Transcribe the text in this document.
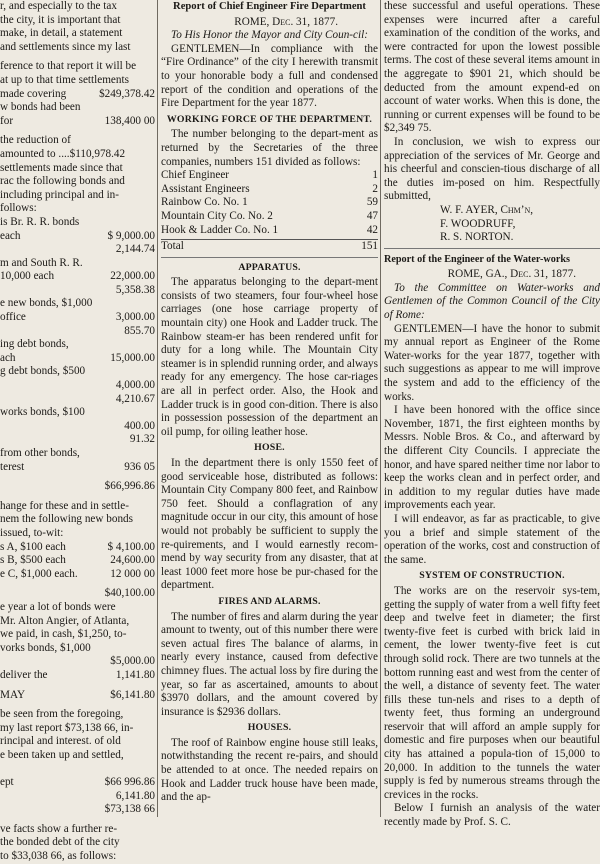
r, and especially to the tax
the city, it is important that
make, in detail, a statement
and settlements since my last
ference to that report it will be
at up to that time settlements
made covering	$249,378.42
w bonds had been
for	138,400 00
the reduction of
amounted to ....$110,978.42
settlements made since that
rac the following bonds and
including principal and in-
follows:
is Br. R. R. bonds
each	$ 9,000.00
2,144.74
m and South R. R.
10,000 each	22,000.00
5,358.38
e new bonds, $1,000
office	3,000.00
855.70
ing debt bonds,
ach	15,000.00
g debt bonds, $500
4,000.00
4,210.67
works bonds, $100
400.00
91.32
from other bonds,
terest	936 05
$66,996.86
hange for these and in settle-
nem the following new bonds
issued, to-wit:
s A, $100 each	$ 4,100.00
s B, $500 each	24,600.00
e C, $1,000 each.	12 000 00
$40,100.00
e year a lot of bonds were
Mr. Alton Angier, of Atlanta,
we paid, in cash, $1,250, to-
vorks bonds, $1,000
$5,000.00
deliver the	1,141.80
MAY	$6,141.80
be seen from the foregoing,
my last report $73,138 66, in-
rincipal and interest. of old
e been taken up and settled,
ept	$66 996.86
6,141.80
$73,138 66
ve facts show a further re-
the bonded debt of the city
to $33,038 66, as follows:
Report of Chief Engineer Fire Department
ROME, Dec. 31, 1877.
To His Honor the Mayor and City Coun-cil:

GENTLEMEN—In compliance with the “Fire Ordinance” of the city I herewith transmit to your honorable body a full and condensed report of the condition and operations of the Fire Department for the year 1877.

WORKING FORCE OF THE DEPARTMENT.

The number belonging to the depart-ment as returned by the Secretaries of the three companies, numbers 151 divided as follows:

Chief Engineer	1
Assistant Engineers	2
Rainbow Co. No. 1	59
Mountain City Co. No. 2	47
Hook & Ladder Co. No. 1	42
Total	151
APPARATUS.

The apparatus belonging to the depart-ment consists of two steamers, four four-wheel hose carriages (one hose carriage property of mountain city) one Hook and Ladder truck. The Rainbow steam-er has been rendered unfit for duty for a long while. The Mountain City steamer is in splendid running order, and always ready for any emergency. The hose car-riages are all in perfect order. Also, the Hook and Ladder truck is in good con-dition. There is also in possession possession of the department an oil pump, for oiling leather hose.

HOSE.

In the department there is only 1550 feet of good serviceable hose, distributed as follows: Mountain City Company 800 feet, and Rainbow 750 feet. Should a conflagration of any magnitude occur in our city, this amount of hose would not probably be sufficient to supply the re-quirements, and I would earnestly recom-mend by way security from any disaster, that at least 1000 feet more hose be pur-chased for the department.

FIRES AND ALARMS.

The number of fires and alarm during the year amount to twenty, out of this number there were seven actual fires The balance of alarms, in nearly every instance, caused from defective chimney flues. The actual loss by fire during the year, so far as ascertained, amounts to about $3970 dollars, and the amount covered by insurance is $2936 dollars.

HOUSES.

The roof of Rainbow engine house still leaks, notwithstanding the recent re-pairs, and should be attended to at once. The needed repairs on Hook and Ladder truck house have been made, and the ap-

these successful and useful operations. These expenses were incurred after a careful examination of the condition of the works, and were contracted for upon the lowest possible terms. The cost of these several items amount in the aggregate to $901 21, which should be deducted from the amount expend-ed on account of water works. When this is done, the running or current expenses will be found to be $2,349 75.

In conclusion, we wish to express our appreciation of the services of Mr. George and his cheerful and conscien-tious discharge of all the duties im-posed on him. Respectfully submitted,

W. F. AYER, Chm’n,
F. WOODRUFF,
R. S. NORTON.
Report of the Engineer of the Water-works
ROME, GA., Dec. 31, 1877.
To the Committee on Water-works and Gentlemen of the Common Council of the City of Rome:

GENTLEMEN—I have the honor to submit my annual report as Engineer of the Rome Water-works for the year 1877, together with such suggestions as appear to me will improve the system and add to the efficiency of the works.

I have been honored with the office since November, 1871, the first eighteen months by Messrs. Noble Bros. & Co., and afterward by the different City Councils. I appreciate the honor, and have spared neither time nor labor to keep the works clean and in perfect order, and in addition to my regular duties have made improvements each year.

I will endeavor, as far as practicable, to give you a brief and simple statement of the operation of the works, cost and construction of the same.

SYSTEM OF CONSTRUCTION.

The works are on the reservoir sys-tem, getting the supply of water from a well fifty feet deep and twelve feet in diameter; the first twenty-five feet is curbed with brick laid in cement, the lower twenty-five feet is cut through solid rock. There are two tunnels at the bottom running east and west from the center of the well, a distance of seventy feet. The water fills these tun-nels and rises to a depth of twenty feet, thus forming an underground reservoir that will afford an ample supply for domestic and fire purposes when our beautiful city has attained a popula-tion of 15,000 to 20,000. In addition to the tunnels the water supply is fed by numerous streams through the crevices in the rocks.

Below I furnish an analysis of the water recently made by Prof. S. C.
